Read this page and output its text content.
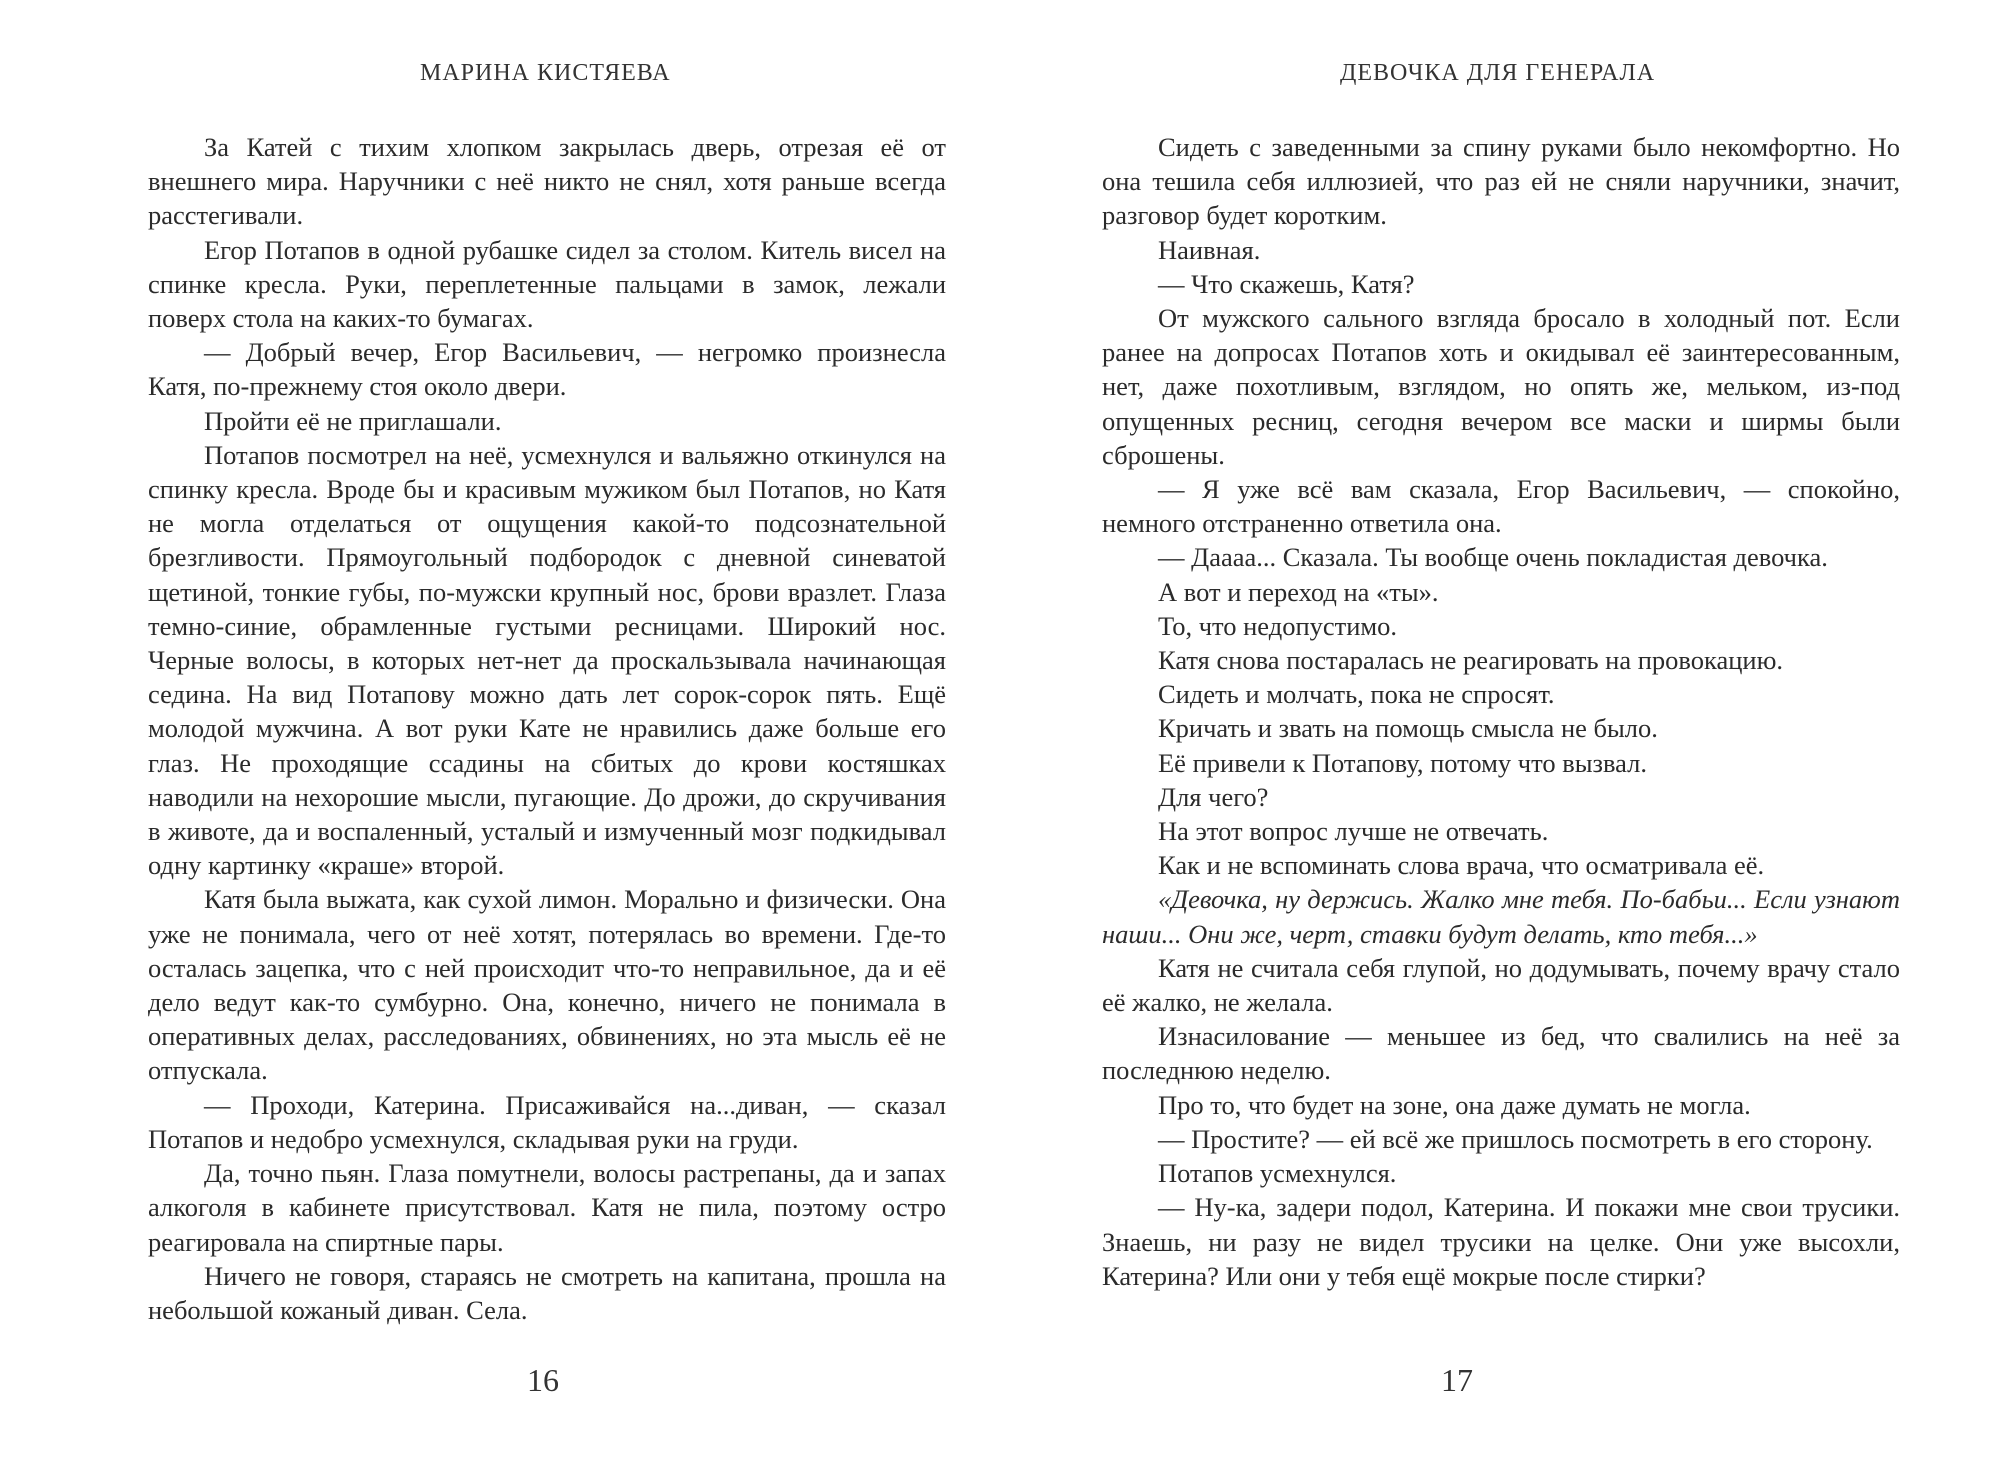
МАРИНА КИСТЯЕВА

За Катей с тихим хлопком закрылась дверь, отрезая её от внешнего мира. Наручники с неё никто не снял, хотя раньше всегда расстегивали.

Егор Потапов в одной рубашке сидел за столом. Китель висел на спинке кресла. Руки, переплетенные пальцами в замок, лежали поверх стола на каких-то бумагах.

— Добрый вечер, Егор Васильевич, — негромко произнесла Катя, по-прежнему стоя около двери.

Пройти её не приглашали.

Потапов посмотрел на неё, усмехнулся и вальяжно откинулся на спинку кресла. Вроде бы и красивым мужиком был Потапов, но Катя не могла отделаться от ощущения какой-то подсознательной брезгливости. Прямоугольный подбородок с дневной синеватой щетиной, тонкие губы, по-мужски крупный нос, брови вразлет. Глаза темно-синие, обрамленные густыми ресницами. Широкий нос. Черные волосы, в которых нет-нет да проскальзывала начинающая седина. На вид Потапову можно дать лет сорок-сорок пять. Ещё молодой мужчина. А вот руки Кате не нравились даже больше его глаз. Не проходящие ссадины на сбитых до крови костяшках наводили на нехорошие мысли, пугающие. До дрожи, до скручивания в животе, да и воспаленный, усталый и измученный мозг подкидывал одну картинку «краше» второй.

Катя была выжата, как сухой лимон. Морально и физически. Она уже не понимала, чего от неё хотят, потерялась во времени. Где-то осталась зацепка, что с ней происходит что-то неправильное, да и её дело ведут как-то сумбурно. Она, конечно, ничего не понимала в оперативных делах, расследованиях, обвинениях, но эта мысль её не отпускала.

— Проходи, Катерина. Присаживайся на...диван, — сказал Потапов и недобро усмехнулся, складывая руки на груди.

Да, точно пьян. Глаза помутнели, волосы растрепаны, да и запах алкоголя в кабинете присутствовал. Катя не пила, поэтому остро реагировала на спиртные пары.

Ничего не говоря, стараясь не смотреть на капитана, прошла на небольшой кожаный диван. Села.

16
ДЕВОЧКА ДЛЯ ГЕНЕРАЛА

Сидеть с заведенными за спину руками было некомфортно. Но она тешила себя иллюзией, что раз ей не сняли наручники, значит, разговор будет коротким.

Наивная.

— Что скажешь, Катя?

От мужского сального взгляда бросало в холодный пот. Если ранее на допросах Потапов хоть и окидывал её заинтересованным, нет, даже похотливым, взглядом, но опять же, мельком, из-под опущенных ресниц, сегодня вечером все маски и ширмы были сброшены.

— Я уже всё вам сказала, Егор Васильевич, — спокойно, немного отстраненно ответила она.

— Даааа... Сказала. Ты вообще очень покладистая девочка.

А вот и переход на «ты».

То, что недопустимо.

Катя снова постаралась не реагировать на провокацию.

Сидеть и молчать, пока не спросят.

Кричать и звать на помощь смысла не было.

Её привели к Потапову, потому что вызвал.

Для чего?

На этот вопрос лучше не отвечать.

Как и не вспоминать слова врача, что осматривала её.

«Девочка, ну держись. Жалко мне тебя. По-бабьи... Если узнают наши... Они же, черт, ставки будут делать, кто тебя...»

Катя не считала себя глупой, но додумывать, почему врачу стало её жалко, не желала.

Изнасилование — меньшее из бед, что свалились на неё за последнюю неделю.

Про то, что будет на зоне, она даже думать не могла.

— Простите? — ей всё же пришлось посмотреть в его сторону.

Потапов усмехнулся.

— Ну-ка, задери подол, Катерина. И покажи мне свои трусики. Знаешь, ни разу не видел трусики на целке. Они уже высохли, Катерина? Или они у тебя ещё мокрые после стирки?

17
